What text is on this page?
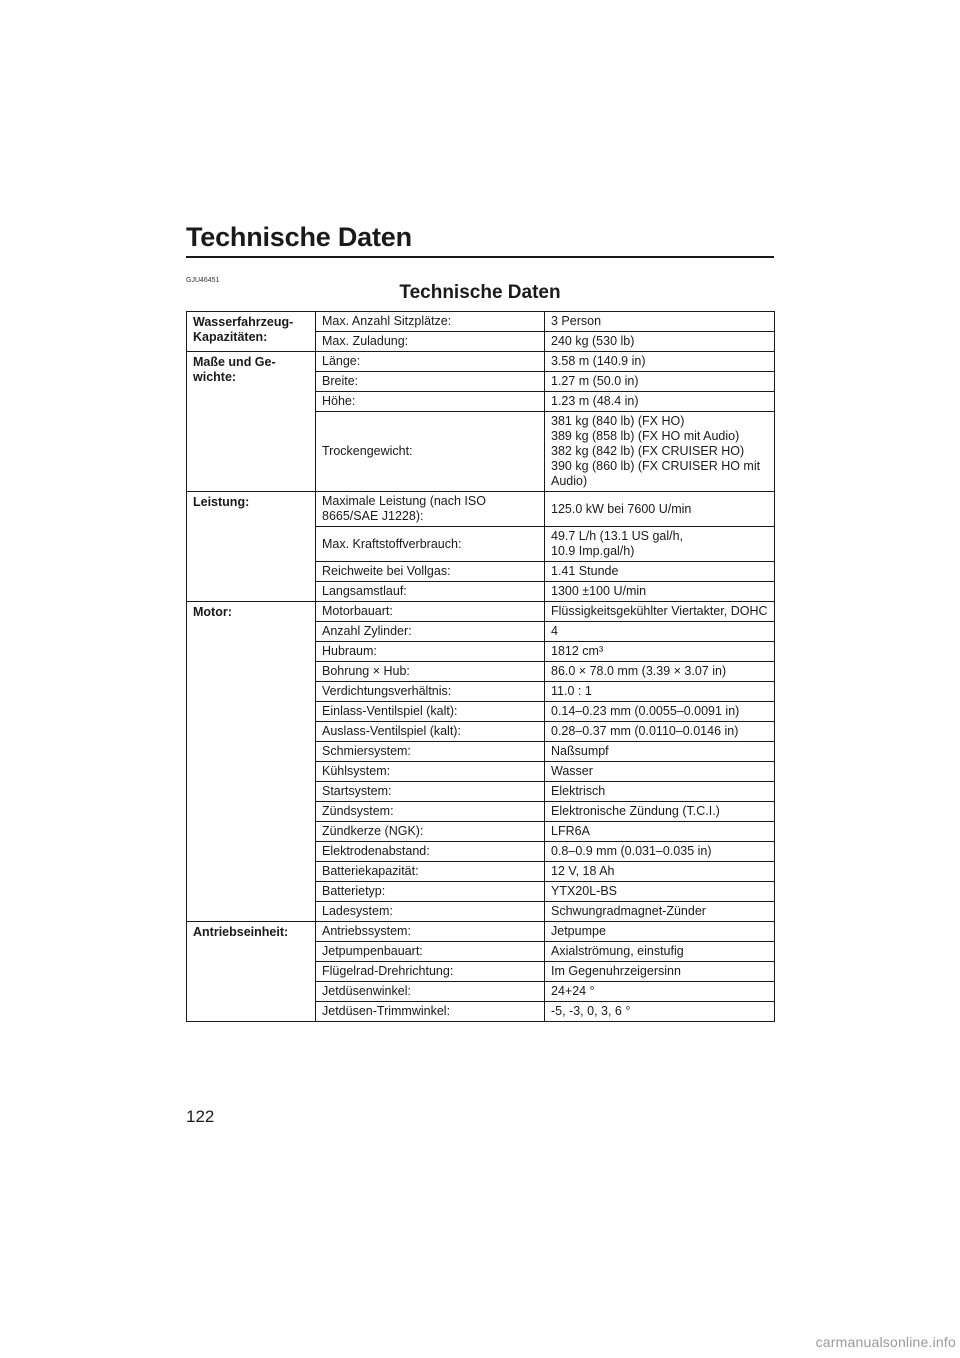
Technische Daten
GJU46451
Technische Daten
Wasserfahrzeug-
Kapazitäten:	Max. Anzahl Sitzplätze:	3 Person
	Max. Zuladung:	240 kg (530 lb)
Maße und Ge-
wichte:	Länge:	3.58 m (140.9 in)
	Breite:	1.27 m (50.0 in)
	Höhe:	1.23 m (48.4 in)
	Trockengewicht:	381 kg (840 lb) (FX HO)
389 kg (858 lb) (FX HO mit Audio)
382 kg (842 lb) (FX CRUISER HO)
390 kg (860 lb) (FX CRUISER HO mit Audio)
Leistung:	Maximale Leistung (nach ISO 8665/SAE J1228):	125.0 kW bei 7600 U/min
	Max. Kraftstoffverbrauch:	49.7 L/h (13.1 US gal/h,
10.9 Imp.gal/h)
	Reichweite bei Vollgas:	1.41 Stunde
	Langsamstlauf:	1300 ±100 U/min
Motor:	Motorbauart:	Flüssigkeitsgekühlter Viertakter, DOHC
	Anzahl Zylinder:	4
	Hubraum:	1812 cm³
	Bohrung × Hub:	86.0 × 78.0 mm (3.39 × 3.07 in)
	Verdichtungsverhältnis:	11.0 : 1
	Einlass-Ventilspiel (kalt):	0.14–0.23 mm (0.0055–0.0091 in)
	Auslass-Ventilspiel (kalt):	0.28–0.37 mm (0.0110–0.0146 in)
	Schmiersystem:	Naßsumpf
	Kühlsystem:	Wasser
	Startsystem:	Elektrisch
	Zündsystem:	Elektronische Zündung (T.C.I.)
	Zündkerze (NGK):	LFR6A
	Elektrodenabstand:	0.8–0.9 mm (0.031–0.035 in)
	Batteriekapazität:	12 V, 18 Ah
	Batterietyp:	YTX20L-BS
	Ladesystem:	Schwungradmagnet-Zünder
Antriebseinheit:	Antriebssystem:	Jetpumpe
	Jetpumpenbauart:	Axialströmung, einstufig
	Flügelrad-Drehrichtung:	Im Gegenuhrzeigersinn
	Jetdüsenwinkel:	24+24 °
	Jetdüsen-Trimmwinkel:	-5, -3, 0, 3, 6 °
122
carmanualsonline.info
